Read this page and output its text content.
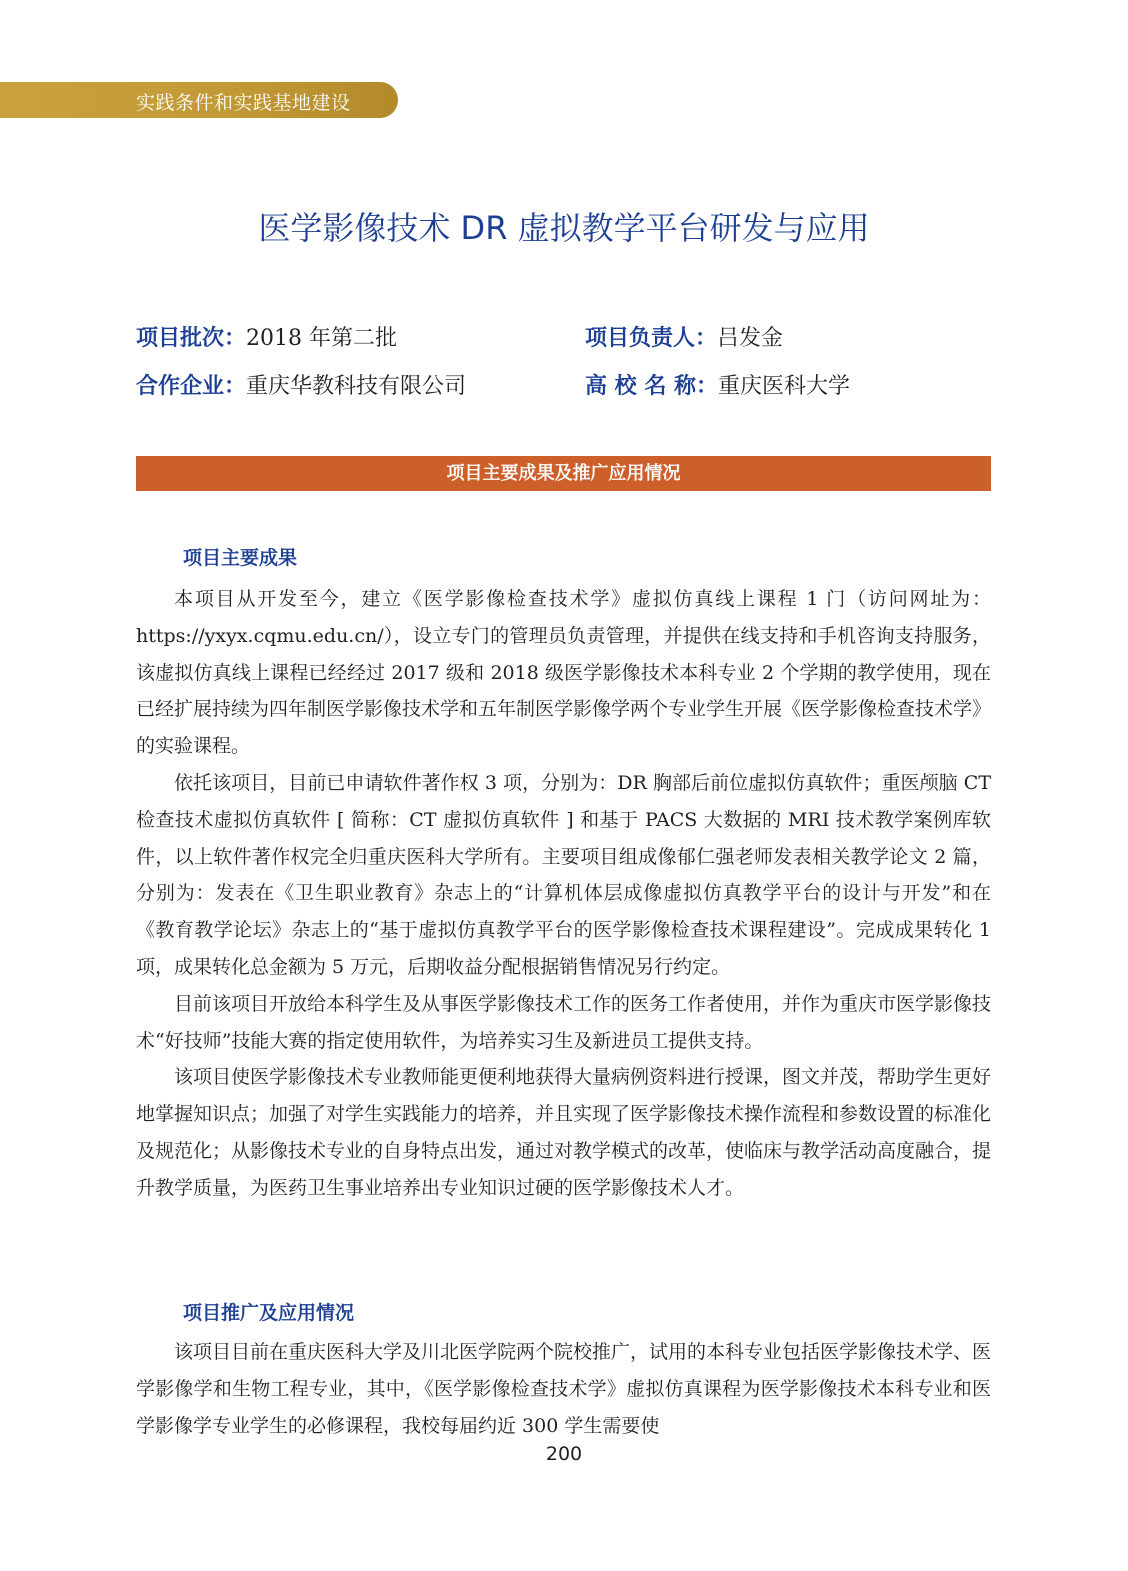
实践条件和实践基地建设
医学影像技术 DR 虚拟教学平台研发与应用
项目批次：2018 年第二批	项目负责人：吕发金
合作企业：重庆华教科技有限公司	高 校 名 称：重庆医科大学
项目主要成果及推广应用情况
项目主要成果

本项目从开发至今，建立《医学影像检查技术学》虚拟仿真线上课程 1 门（访问网址为：https://yxyx.cqmu.edu.cn/），设立专门的管理员负责管理，并提供在线支持和手机咨询支持服务，该虚拟仿真线上课程已经经过 2017 级和 2018 级医学影像技术本科专业 2 个学期的教学使用，现在已经扩展持续为四年制医学影像技术学和五年制医学影像学两个专业学生开展《医学影像检查技术学》的实验课程。

依托该项目，目前已申请软件著作权 3 项，分别为：DR 胸部后前位虚拟仿真软件；重医颅脑 CT 检查技术虚拟仿真软件 [ 简称：CT 虚拟仿真软件 ] 和基于 PACS 大数据的 MRI 技术教学案例库软件，以上软件著作权完全归重庆医科大学所有。主要项目组成像郁仁强老师发表相关教学论文 2 篇，分别为：发表在《卫生职业教育》杂志上的“计算机体层成像虚拟仿真教学平台的设计与开发”和在《教育教学论坛》杂志上的“基于虚拟仿真教学平台的医学影像检查技术课程建设”。完成成果转化 1 项，成果转化总金额为 5 万元，后期收益分配根据销售情况另行约定。

目前该项目开放给本科学生及从事医学影像技术工作的医务工作者使用，并作为重庆市医学影像技术“好技师”技能大赛的指定使用软件，为培养实习生及新进员工提供支持。

该项目使医学影像技术专业教师能更便利地获得大量病例资料进行授课，图文并茂，帮助学生更好地掌握知识点；加强了对学生实践能力的培养，并且实现了医学影像技术操作流程和参数设置的标准化及规范化；从影像技术专业的自身特点出发，通过对教学模式的改革，使临床与教学活动高度融合，提升教学质量，为医药卫生事业培养出专业知识过硬的医学影像技术人才。

项目推广及应用情况

该项目目前在重庆医科大学及川北医学院两个院校推广，试用的本科专业包括医学影像技术学、医学影像学和生物工程专业，其中，《医学影像检查技术学》虚拟仿真课程为医学影像技术本科专业和医学影像学专业学生的必修课程，我校每届约近 300 学生需要使

200
